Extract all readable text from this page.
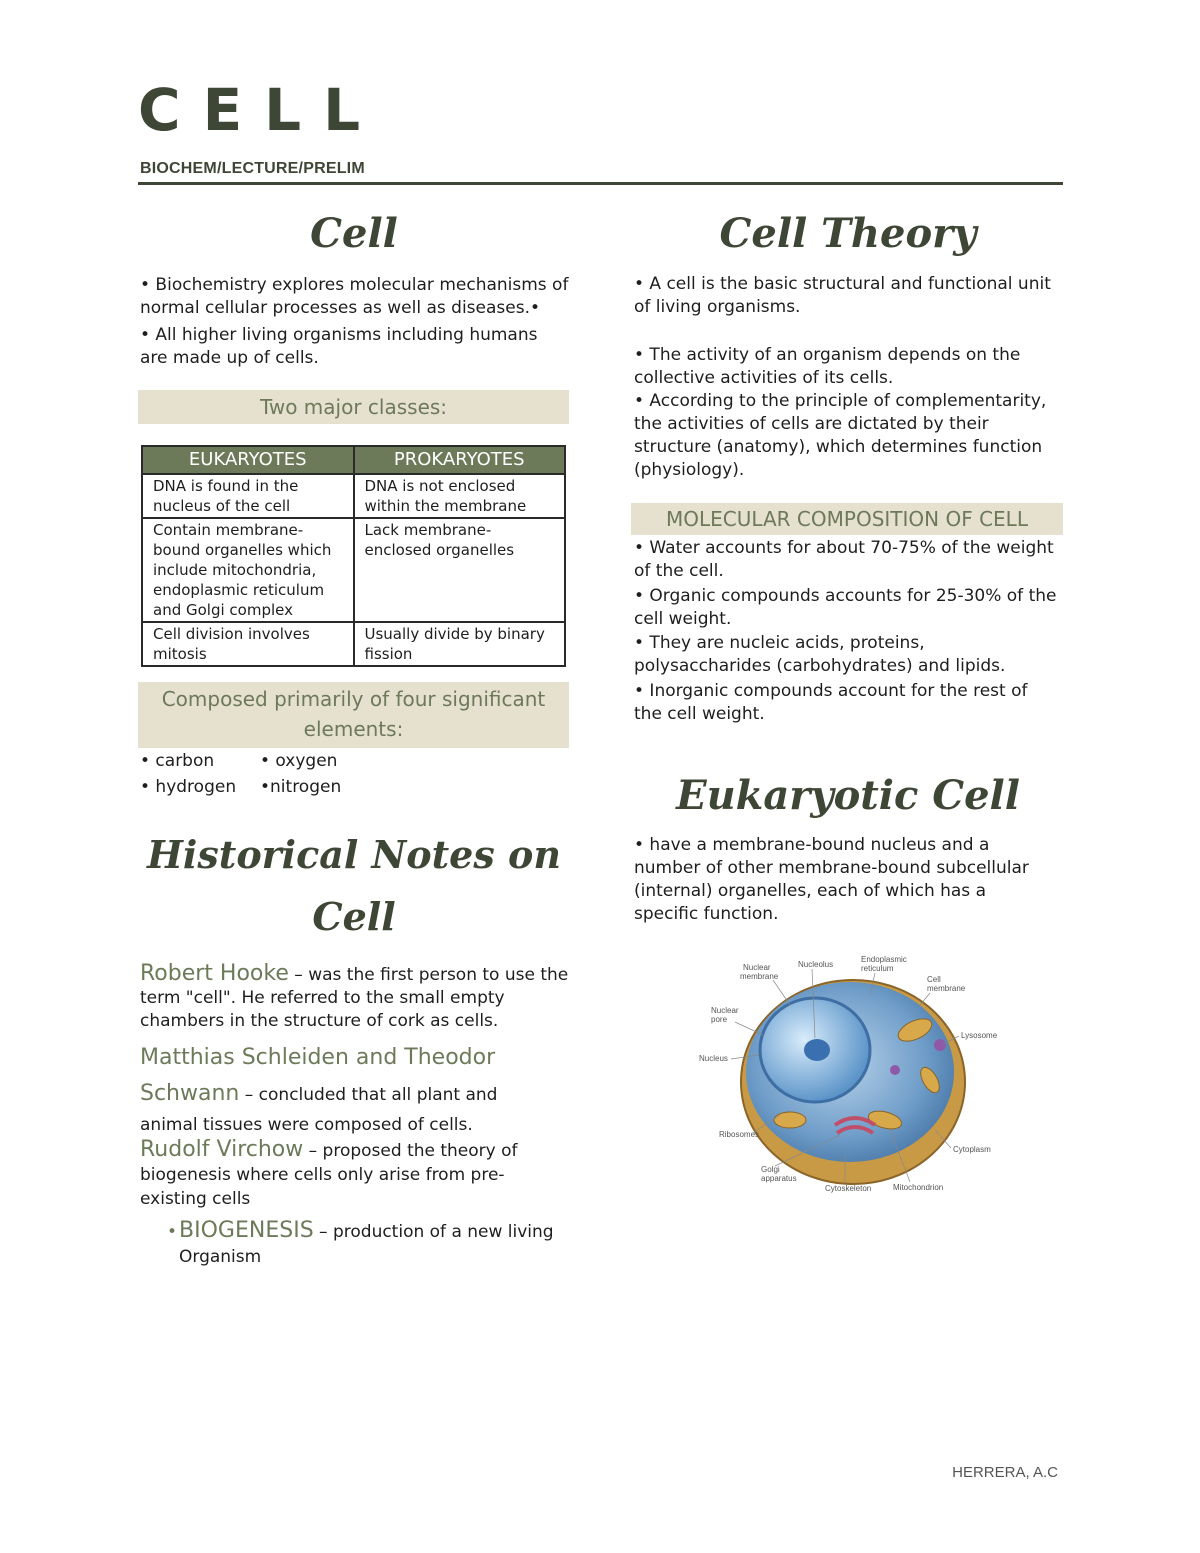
CELL
BIOCHEM/LECTURE/PRELIM
Cell

• Biochemistry explores molecular mechanisms of normal cellular processes as well as diseases.•

• All higher living organisms including humans are made up of cells.

Two major classes:
EUKARYOTES	PROKARYOTES
DNA is found in the nucleus of the cell	DNA is not enclosed within the membrane
Contain membrane-bound organelles which include mitochondria, endoplasmic reticulum and Golgi complex	Lack membrane-enclosed organelles
Cell division involves mitosis	Usually divide by binary fission
Composed primarily of four significant elements:
• carbon	• oxygen
• hydrogen •nitrogen
Historical Notes on
Cell

Robert Hooke – was the first person to use the term "cell". He referred to the small empty chambers in the structure of cork as cells.

Matthias Schleiden and Theodor Schwann – concluded that all plant and animal tissues were composed of cells.

Rudolf Virchow – proposed the theory of biogenesis where cells only arise from pre-existing cells

•BIOGENESIS – production of a new living Organism

Cell Theory

• A cell is the basic structural and functional unit of living organisms.

• The activity of an organism depends on the collective activities of its cells.

• According to the principle of complementarity, the activities of cells are dictated by their structure (anatomy), which determines function (physiology).

MOLECULAR COMPOSITION OF CELL

• Water accounts for about 70-75% of the weight of the cell.

• Organic compounds accounts for 25-30% of the cell weight.

• They are nucleic acids, proteins, polysaccharides (carbohydrates) and lipids.

• Inorganic compounds account for the rest of the cell weight.

Eukaryotic Cell

• have a membrane-bound nucleus and a number of other membrane-bound subcellular (internal) organelles, each of which has a specific function.

Nuclear
membrane
Nucleolus
Endoplasmic
reticulum
Cell
membrane
Nuclear
pore
Lysosome
Nucleus
Ribosomes
Cytoplasm
Golgi
apparatus
Cytoskeleton	Mitochondrion
HERRERA, A.C
